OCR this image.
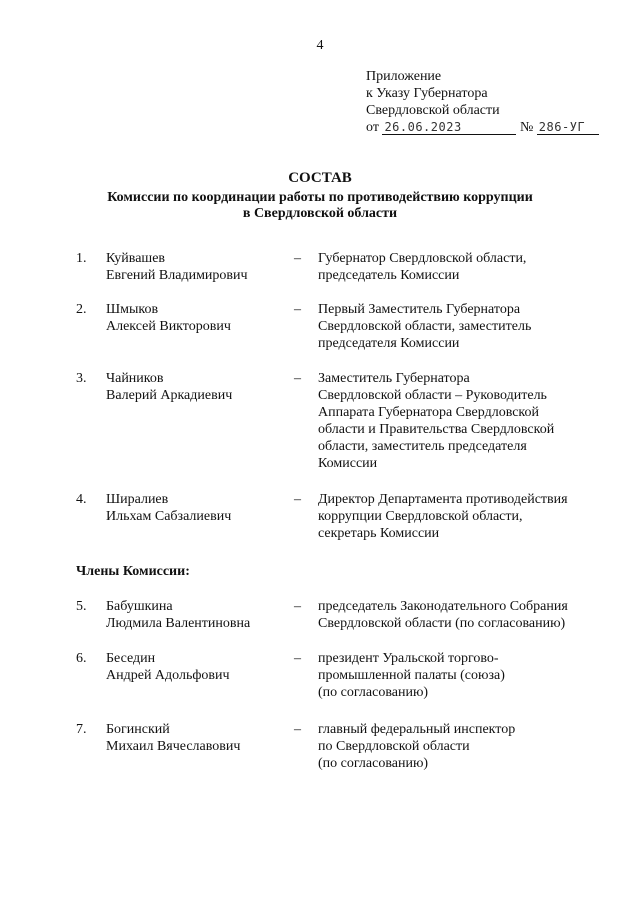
4
Приложение
к Указу Губернатора
Свердловской области
от 26.06.2023	№ 286-УГ
СОСТАВ
Комиссии по координации работы по противодействию коррупции
в Свердловской области
1. Куйвашев
Евгений Владимирович
– Губернатор Свердловской области,
председатель Комиссии
2. Шмыков
Алексей Викторович
– Первый Заместитель Губернатора
Свердловской области, заместитель
председателя Комиссии
3. Чайников
Валерий Аркадиевич
– Заместитель Губернатора
Свердловской области – Руководитель
Аппарата Губернатора Свердловской
области и Правительства Свердловской
области, заместитель председателя
Комиссии
4. Ширалиев
Ильхам Сабзалиевич
– Директор Департамента противодействия
коррупции Свердловской области,
секретарь Комиссии
Члены Комиссии:
5. Бабушкина
Людмила Валентиновна
– председатель Законодательного Собрания
Свердловской области (по согласованию)
6. Беседин
Андрей Адольфович
– президент Уральской торгово-
промышленной палаты (союза)
(по согласованию)
7. Богинский
Михаил Вячеславович
– главный федеральный инспектор
по Свердловской области
(по согласованию)
